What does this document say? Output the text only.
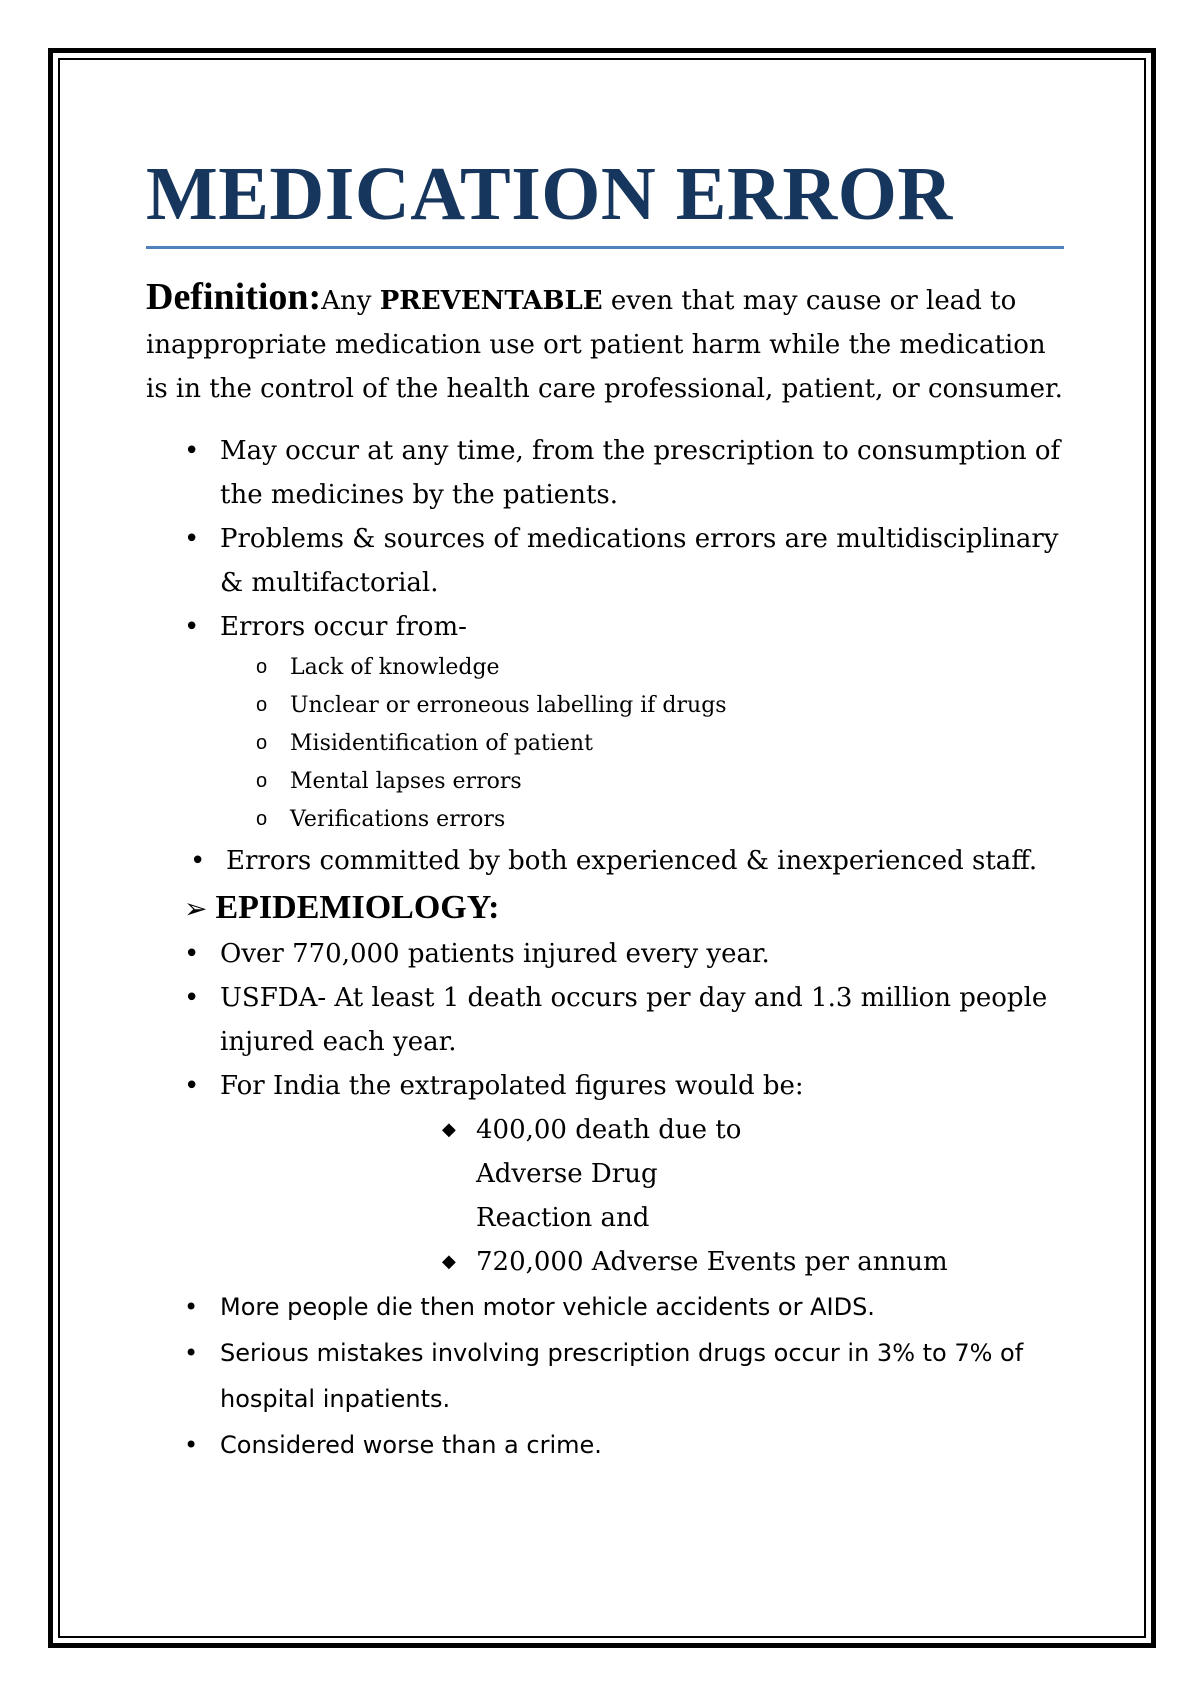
MEDICATION ERROR
Definition:Any PREVENTABLE even that may cause or lead to inappropriate medication use ort patient harm while the medication is in the control of the health care professional, patient, or consumer.
• May occur at any time, from the prescription to consumption of the medicines by the patients.
• Problems & sources of medications errors are multidisciplinary & multifactorial.
• Errors occur from-
o Lack of knowledge
o Unclear or erroneous labelling if drugs
o Misidentification of patient
o Mental lapses errors
o Verifications errors
• Errors committed by both experienced & inexperienced staff.
➢ EPIDEMIOLOGY:
• Over 770,000 patients injured every year.
• USFDA- At least 1 death occurs per day and 1.3 million people injured each year.
• For India the extrapolated figures would be:
◆ 400,00 death due to Adverse Drug Reaction and
◆ 720,000 Adverse Events per annum
• More people die then motor vehicle accidents or AIDS.
• Serious mistakes involving prescription drugs occur in 3% to 7% of hospital inpatients.
• Considered worse than a crime.
